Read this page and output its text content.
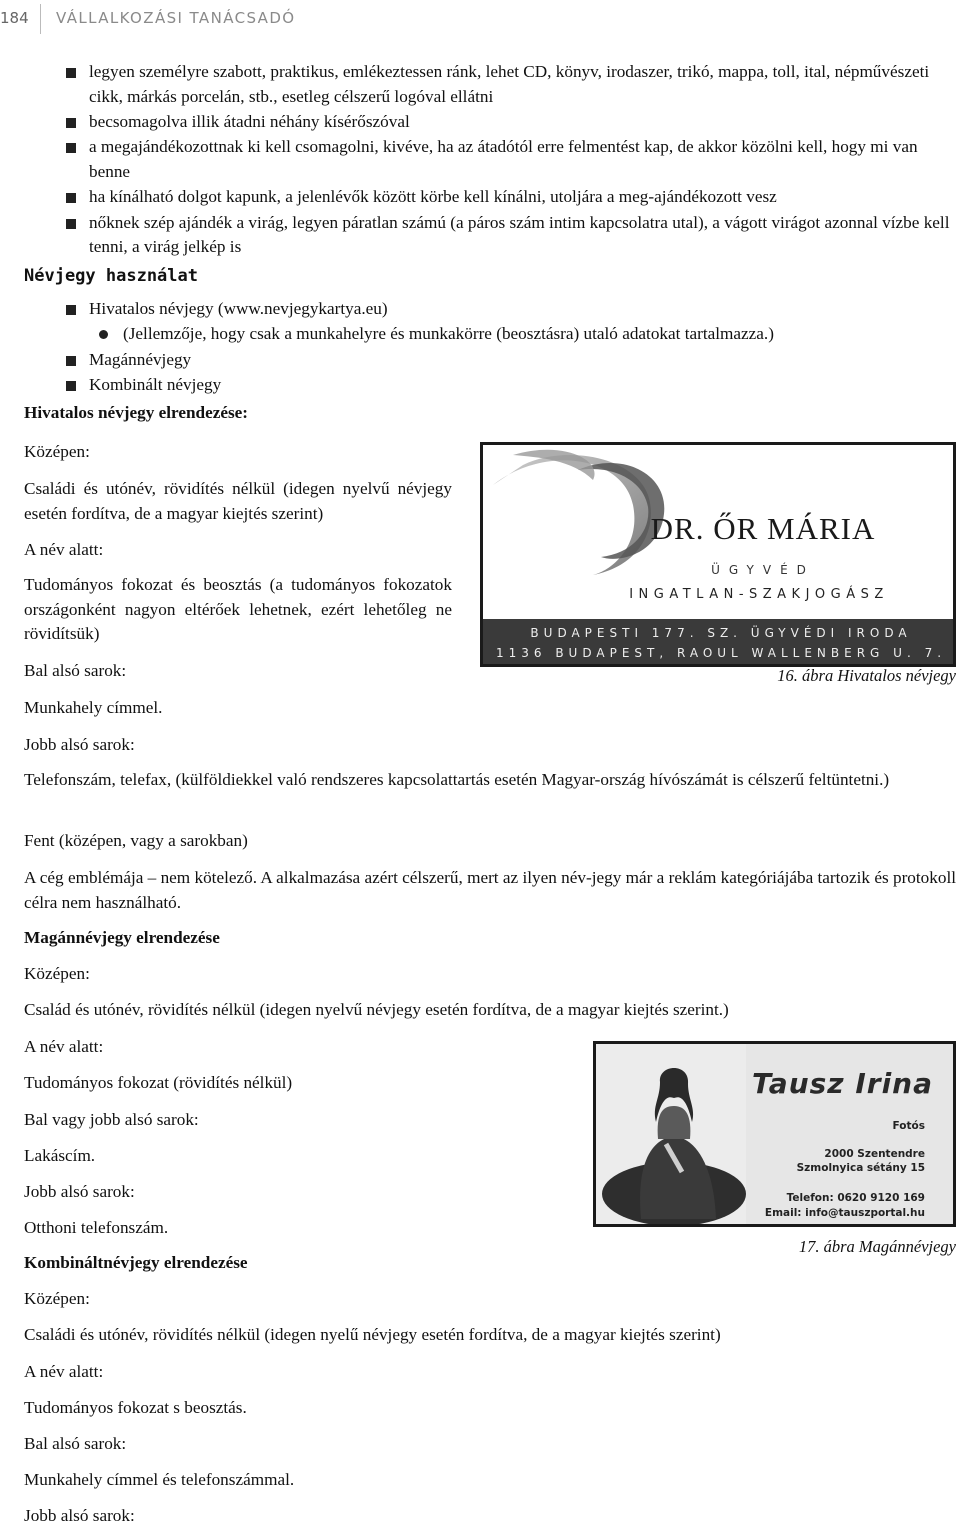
184 VÁLLALKOZÁSI TANÁCSADÓ
legyen személyre szabott, praktikus, emlékeztessen ránk, lehet CD, könyv, irodaszer, trikó, mappa, toll, ital, népművészeti cikk, márkás porcelán, stb., esetleg célszerű logóval ellátni
becsomagolva illik átadni néhány kísérőszóval
a megajándékozottnak ki kell csomagolni, kivéve, ha az átadótól erre felmentést kap, de akkor közölni kell, hogy mi van benne
ha kínálható dolgot kapunk, a jelenlévők között körbe kell kínálni, utoljára a meg-ajándékozott vesz
nőknek szép ajándék a virág, legyen páratlan számú (a páros szám intim kapcsolatra utal), a vágott virágot azonnal vízbe kell tenni, a virág jelkép is
Névjegy használat
Hivatalos névjegy (www.nevjegykartya.eu)
(Jellemzője, hogy csak a munkahelyre és munkakörre (beosztásra) utaló adatokat tartalmazza.)
Magánnévjegy
Kombinált névjegy

Hivatalos névjegy elrendezése:

Középen:

Családi és utónév, rövidítés nélkül (idegen nyelvű névjegy esetén fordítva, de a magyar kiejtés szerint)

A név alatt:

Tudományos fokozat és beosztás (a tudományos fokozatok országonként nagyon eltérőek lehetnek, ezért lehetőleg ne rövidítsük)

Bal alsó sarok:

Munkahely címmel.

Jobb alsó sarok:

Telefonszám, telefax, (külföldiekkel való rendszeres kapcsolattartás esetén Magyar-ország hívószámát is célszerű feltüntetni.)

Fent (középen, vagy a sarokban)

A cég emblémája – nem kötelező. A alkalmazása azért célszerű, mert az ilyen név-jegy már a reklám kategóriájába tartozik és protokoll célra nem használható.

DR. ŐR MÁRIA
ÜGYVÉD
INGATLAN-SZAKJOGÁSZ
BUDAPESTI 177. SZ. ÜGYVÉDI IRODA
1136 BUDAPEST, RAOUL WALLENBERG U. 7.
16. ábra Hivatalos névjegy

Magánnévjegy elrendezése

Középen:

Család és utónév, rövidítés nélkül (idegen nyelvű névjegy esetén fordítva, de a magyar kiejtés szerint.)

A név alatt:

Tudományos fokozat (rövidítés nélkül)

Bal vagy jobb alsó sarok:

Lakáscím.

Jobb alsó sarok:

Otthoni telefonszám.

Tausz Irina
Fotós
2000 Szentendre
Szmolnyica sétány 15
Telefon: 0620 9120 169
Email: info@tauszportal.hu
17. ábra Magánnévjegy

Kombináltnévjegy elrendezése

Középen:

Családi és utónév, rövidítés nélkül (idegen nyelű névjegy esetén fordítva, de a magyar kiejtés szerint)

A név alatt:

Tudományos fokozat s beosztás.

Bal alsó sarok:

Munkahely címmel és telefonszámmal.

Jobb alsó sarok:
